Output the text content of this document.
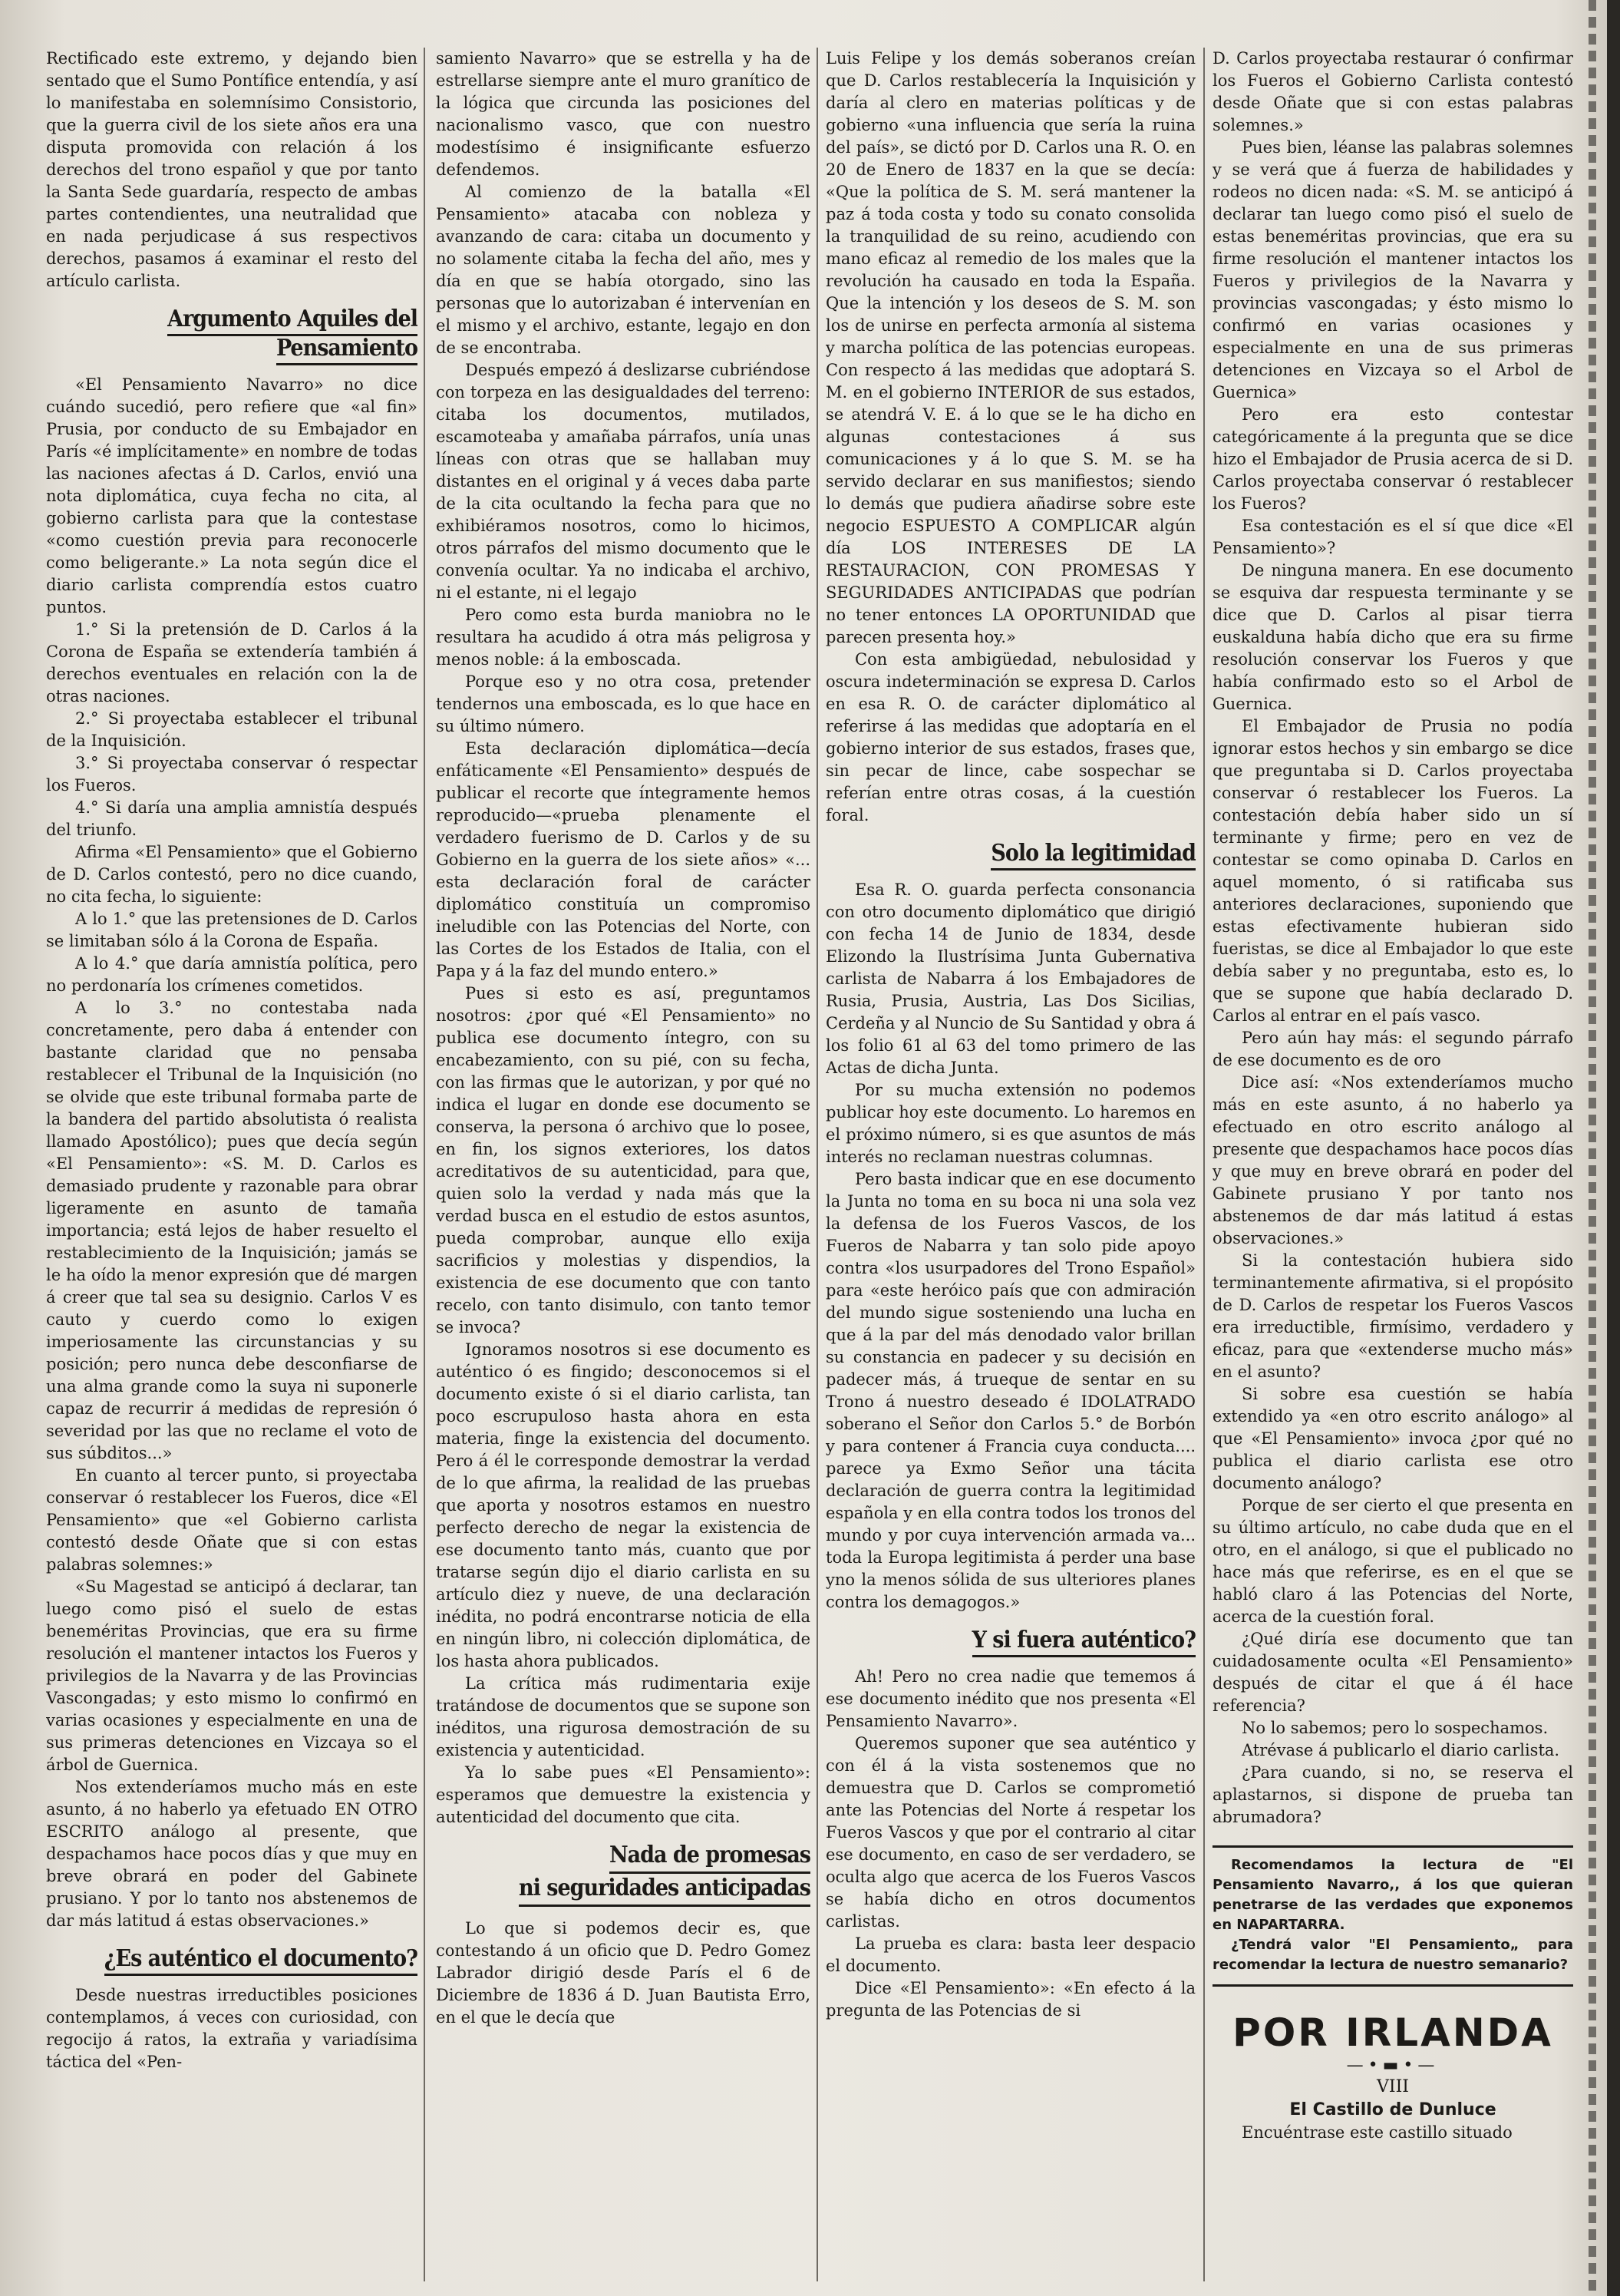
Rectificado este extremo, y dejando bien sentado que el Sumo Pontífice entendía, y así lo manifestaba en solemnísimo Consistorio, que la guerra civil de los siete años era una disputa promovida con relación á los derechos del trono español y que por tanto la Santa Sede guardaría, respecto de ambas partes contendientes, una neutralidad que en nada perjudicase á sus respectivos derechos, pasamos á examinar el resto del artículo carlista.

Argumento Aquiles del Pensamiento

«El Pensamiento Navarro» no dice cuándo sucedió, pero refiere que «al fin» Prusia, por conducto de su Embajador en París «é implícitamente» en nombre de todas las naciones afectas á D. Carlos, envió una nota diplomática, cuya fecha no cita, al gobierno carlista para que la contestase «como cuestión previa para reconocerle como beligerante.» La nota según dice el diario carlista comprendía estos cuatro puntos.

1.° Si la pretensión de D. Carlos á la Corona de España se extendería también á derechos eventuales en relación con la de otras naciones.

2.° Si proyectaba establecer el tribunal de la Inquisición.

3.° Si proyectaba conservar ó respectar los Fueros.

4.° Si daría una amplia amnistía después del triunfo.

Afirma «El Pensamiento» que el Gobierno de D. Carlos contestó, pero no dice cuando, no cita fecha, lo siguiente:

A lo 1.° que las pretensiones de D. Carlos se limitaban sólo á la Corona de España.

A lo 4.° que daría amnistía política, pero no perdonaría los crímenes cometidos.

A lo 3.° no contestaba nada concretamente, pero daba á entender con bastante claridad que no pensaba restablecer el Tribunal de la Inquisición (no se olvide que este tribunal formaba parte de la bandera del partido absolutista ó realista llamado Apostólico); pues que decía según «El Pensamiento»: «S. M. D. Carlos es demasiado prudente y razonable para obrar ligeramente en asunto de tamaña importancia; está lejos de haber resuelto el restablecimiento de la Inquisición; jamás se le ha oído la menor expresión que dé margen á creer que tal sea su designio. Carlos V es cauto y cuerdo como lo exigen imperiosamente las circunstancias y su posición; pero nunca debe desconfiarse de una alma grande como la suya ni suponerle capaz de recurrir á medidas de represión ó severidad por las que no reclame el voto de sus súbditos...»

En cuanto al tercer punto, si proyectaba conservar ó restablecer los Fueros, dice «El Pensamiento» que «el Gobierno carlista contestó desde Oñate que si con estas palabras solemnes:»

«Su Magestad se anticipó á declarar, tan luego como pisó el suelo de estas beneméritas Provincias, que era su firme resolución el mantener intactos los Fueros y privilegios de la Navarra y de las Provincias Vascongadas; y esto mismo lo confirmó en varias ocasiones y especialmente en una de sus primeras detenciones en Vizcaya so el árbol de Guernica.

Nos extenderíamos mucho más en este asunto, á no haberlo ya efetuado EN OTRO ESCRITO análogo al presente, que despachamos hace pocos días y que muy en breve obrará en poder del Gabinete prusiano. Y por lo tanto nos abstenemos de dar más latitud á estas observaciones.»

¿Es auténtico el documento?

Desde nuestras irreductibles posiciones contemplamos, á veces con curiosidad, con regocijo á ratos, la extraña y variadísima táctica del «Pen-

samiento Navarro» que se estrella y ha de estrellarse siempre ante el muro granítico de la lógica que circunda las posiciones del nacionalismo vasco, que con nuestro modestísimo é insignificante esfuerzo defendemos.

Al comienzo de la batalla «El Pensamiento» atacaba con nobleza y avanzando de cara: citaba un documento y no solamente citaba la fecha del año, mes y día en que se había otorgado, sino las personas que lo autorizaban é intervenían en el mismo y el archivo, estante, legajo en don de se encontraba.

Después empezó á deslizarse cubriéndose con torpeza en las desigualdades del terreno: citaba los documentos, mutilados, escamoteaba y amañaba párrafos, unía unas líneas con otras que se hallaban muy distantes en el original y á veces daba parte de la cita ocultando la fecha para que no exhibiéramos nosotros, como lo hicimos, otros párrafos del mismo documento que le convenía ocultar. Ya no indicaba el archivo, ni el estante, ni el legajo

Pero como esta burda maniobra no le resultara ha acudido á otra más peligrosa y menos noble: á la emboscada.

Porque eso y no otra cosa, pretender tendernos una emboscada, es lo que hace en su último número.

Esta declaración diplomática—decía enfáticamente «El Pensamiento» después de publicar el recorte que íntegramente hemos reproducido—«prueba plenamente el verdadero fuerismo de D. Carlos y de su Gobierno en la guerra de los siete años» «... esta declaración foral de carácter diplomático constituía un compromiso ineludible con las Potencias del Norte, con las Cortes de los Estados de Italia, con el Papa y á la faz del mundo entero.»

Pues si esto es así, preguntamos nosotros: ¿por qué «El Pensamiento» no publica ese documento íntegro, con su encabezamiento, con su pié, con su fecha, con las firmas que le autorizan, y por qué no indica el lugar en donde ese documento se conserva, la persona ó archivo que lo posee, en fin, los signos exteriores, los datos acreditativos de su autenticidad, para que, quien solo la verdad y nada más que la verdad busca en el estudio de estos asuntos, pueda comprobar, aunque ello exija sacrificios y molestias y dispendios, la existencia de ese documento que con tanto recelo, con tanto disimulo, con tanto temor se invoca?

Ignoramos nosotros si ese documento es auténtico ó es fingido; desconocemos si el documento existe ó si el diario carlista, tan poco escrupuloso hasta ahora en esta materia, finge la existencia del documento. Pero á él le corresponde demostrar la verdad de lo que afirma, la realidad de las pruebas que aporta y nosotros estamos en nuestro perfecto derecho de negar la existencia de ese documento tanto más, cuanto que por tratarse según dijo el diario carlista en su artículo diez y nueve, de una declaración inédita, no podrá encontrarse noticia de ella en ningún libro, ni colección diplomática, de los hasta ahora publicados.

La crítica más rudimentaria exije tratándose de documentos que se supone son inéditos, una rigurosa demostración de su existencia y autenticidad.

Ya lo sabe pues «El Pensamiento»: esperamos que demuestre la existencia y autenticidad del documento que cita.

Nada de promesas
ni seguridades anticipadas

Lo que si podemos decir es, que contestando á un oficio que D. Pedro Gomez Labrador dirigió desde París el 6 de Diciembre de 1836 á D. Juan Bautista Erro, en el que le decía que

Luis Felipe y los demás soberanos creían que D. Carlos restablecería la Inquisición y daría al clero en materias políticas y de gobierno «una influencia que sería la ruina del país», se dictó por D. Carlos una R. O. en 20 de Enero de 1837 en la que se decía: «Que la política de S. M. será mantener la paz á toda costa y todo su conato consolida la tranquilidad de su reino, acudiendo con mano eficaz al remedio de los males que la revolución ha causado en toda la España. Que la intención y los deseos de S. M. son los de unirse en perfecta armonía al sistema y marcha política de las potencias europeas. Con respecto á las medidas que adoptará S. M. en el gobierno INTERIOR de sus estados, se atendrá V. E. á lo que se le ha dicho en algunas contestaciones á sus comunicaciones y á lo que S. M. se ha servido declarar en sus manifiestos; siendo lo demás que pudiera añadirse sobre este negocio ESPUESTO A COMPLICAR algún día LOS INTERESES DE LA RESTAURACION, CON PROMESAS Y SEGURIDADES ANTICIPADAS que podrían no tener entonces LA OPORTUNIDAD que parecen presenta hoy.»

Con esta ambigüedad, nebulosidad y oscura indeterminación se expresa D. Carlos en esa R. O. de carácter diplomático al referirse á las medidas que adoptaría en el gobierno interior de sus estados, frases que, sin pecar de lince, cabe sospechar se referían entre otras cosas, á la cuestión foral.

Solo la legitimidad

Esa R. O. guarda perfecta consonancia con otro documento diplomático que dirigió con fecha 14 de Junio de 1834, desde Elizondo la Ilustrísima Junta Gubernativa carlista de Nabarra á los Embajadores de Rusia, Prusia, Austria, Las Dos Sicilias, Cerdeña y al Nuncio de Su Santidad y obra á los folio 61 al 63 del tomo primero de las Actas de dicha Junta.

Por su mucha extensión no podemos publicar hoy este documento. Lo haremos en el próximo número, si es que asuntos de más interés no reclaman nuestras columnas.

Pero basta indicar que en ese documento la Junta no toma en su boca ni una sola vez la defensa de los Fueros Vascos, de los Fueros de Nabarra y tan solo pide apoyo contra «los usurpadores del Trono Español» para «este heróico país que con admiración del mundo sigue sosteniendo una lucha en que á la par del más denodado valor brillan su constancia en padecer y su decisión en padecer más, á trueque de sentar en su Trono á nuestro deseado é IDOLATRADO soberano el Señor don Carlos 5.° de Borbón y para contener á Francia cuya conducta.... parece ya Exmo Señor una tácita declaración de guerra contra la legitimidad española y en ella contra todos los tronos del mundo y por cuya intervención armada va... toda la Europa legitimista á perder una base yno la menos sólida de sus ulteriores planes contra los demagogos.»

Y si fuera auténtico?

Ah! Pero no crea nadie que tememos á ese documento inédito que nos presenta «El Pensamiento Navarro».

Queremos suponer que sea auténtico y con él á la vista sostenemos que no demuestra que D. Carlos se comprometió ante las Potencias del Norte á respetar los Fueros Vascos y que por el contrario al citar ese documento, en caso de ser verdadero, se oculta algo que acerca de los Fueros Vascos se había dicho en otros documentos carlistas.

La prueba es clara: basta leer despacio el documento.

Dice «El Pensamiento»: «En efecto á la pregunta de las Potencias de si

D. Carlos proyectaba restaurar ó confirmar los Fueros el Gobierno Carlista contestó desde Oñate que si con estas palabras solemnes.»

Pues bien, léanse las palabras solemnes y se verá que á fuerza de habilidades y rodeos no dicen nada: «S. M. se anticipó á declarar tan luego como pisó el suelo de estas beneméritas provincias, que era su firme resolución el mantener intactos los Fueros y privilegios de la Navarra y provincias vascongadas; y ésto mismo lo confirmó en varias ocasiones y especialmente en una de sus primeras detenciones en Vizcaya so el Arbol de Guernica»

Pero era esto contestar categóricamente á la pregunta que se dice hizo el Embajador de Prusia acerca de si D. Carlos proyectaba conservar ó restablecer los Fueros?

Esa contestación es el sí que dice «El Pensamiento»?

De ninguna manera. En ese documento se esquiva dar respuesta terminante y se dice que D. Carlos al pisar tierra euskalduna había dicho que era su firme resolución conservar los Fueros y que había confirmado esto so el Arbol de Guernica.

El Embajador de Prusia no podía ignorar estos hechos y sin embargo se dice que preguntaba si D. Carlos proyectaba conservar ó restablecer los Fueros. La contestación debía haber sido un sí terminante y firme; pero en vez de contestar se como opinaba D. Carlos en aquel momento, ó si ratificaba sus anteriores declaraciones, suponiendo que estas efectivamente hubieran sido fueristas, se dice al Embajador lo que este debía saber y no preguntaba, esto es, lo que se supone que había declarado D. Carlos al entrar en el país vasco.

Pero aún hay más: el segundo párrafo de ese documento es de oro

Dice así: «Nos extenderíamos mucho más en este asunto, á no haberlo ya efectuado en otro escrito análogo al presente que despachamos hace pocos días y que muy en breve obrará en poder del Gabinete prusiano Y por tanto nos abstenemos de dar más latitud á estas observaciones.»

Si la contestación hubiera sido terminantemente afirmativa, si el propósito de D. Carlos de respetar los Fueros Vascos era irreductible, firmísimo, verdadero y eficaz, para que «extenderse mucho más» en el asunto?

Si sobre esa cuestión se había extendido ya «en otro escrito análogo» al que «El Pensamiento» invoca ¿por qué no publica el diario carlista ese otro documento análogo?

Porque de ser cierto el que presenta en su último artículo, no cabe duda que en el otro, en el análogo, si que el publicado no hace más que referirse, es en el que se habló claro á las Potencias del Norte, acerca de la cuestión foral.

¿Qué diría ese documento que tan cuidadosamente oculta «El Pensamiento» después de citar el que á él hace referencia?

No lo sabemos; pero lo sospechamos.

Atrévase á publicarlo el diario carlista.

¿Para cuando, si no, se reserva el aplastarnos, si dispone de prueba tan abrumadora?

Recomendamos la lectura de "El Pensamiento Navarro,, á los que quieran penetrarse de las verdades que exponemos en NAPARTARRA.

¿Tendrá valor "El Pensamiento„ para recomendar la lectura de nuestro semanario?

POR IRLANDA
—•▬•—
VIII
El Castillo de Dunluce

Encuéntrase este castillo situado
